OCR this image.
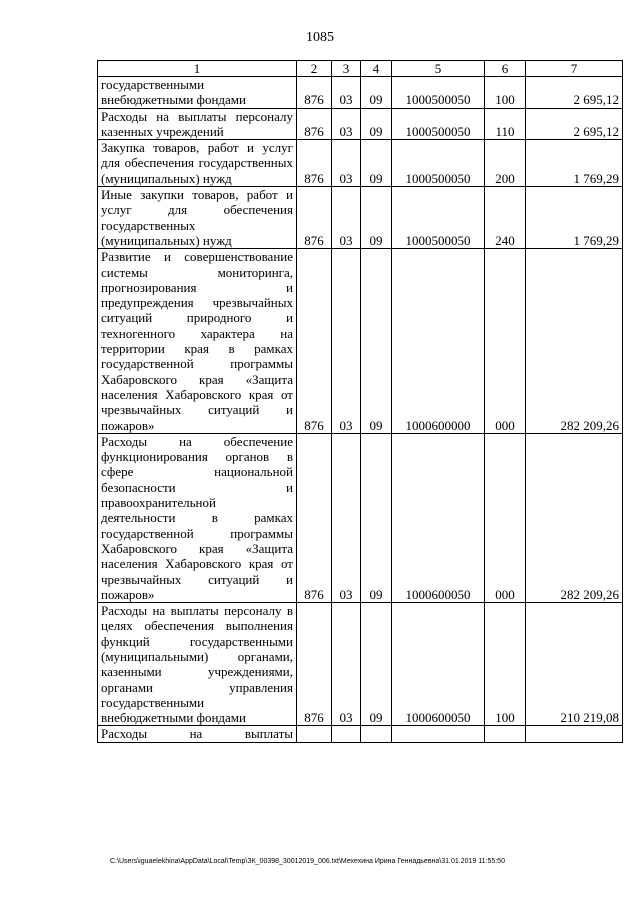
1085
1	2	3	4	5	6	7
государственными внебюджетными фондами	876	03	09	1000500050	100	2 695,12
Расходы на выплаты персоналу казенных учреждений	876	03	09	1000500050	110	2 695,12
Закупка товаров, работ и услуг для обеспечения государственных (муниципальных) нужд	876	03	09	1000500050	200	1 769,29
Иные закупки товаров, работ и услуг для обеспечения государственных (муниципальных) нужд	876	03	09	1000500050	240	1 769,29
Развитие и совершенствование системы мониторинга, прогнозирования и предупреждения чрезвычайных ситуаций природного и техногенного характера на территории края в рамках государственной программы Хабаровского края «Защита населения Хабаровского края от чрезвычайных ситуаций и пожаров»	876	03	09	1000600000	000	282 209,26
Расходы на обеспечение функционирования органов в сфере национальной безопасности и правоохранительной деятельности в рамках государственной программы Хабаровского края «Защита населения Хабаровского края от чрезвычайных ситуаций и пожаров»	876	03	09	1000600050	000	282 209,26
Расходы на выплаты персоналу в целях обеспечения выполнения функций государственными (муниципальными) органами, казенными учреждениями, органами управления государственными внебюджетными фондами	876	03	09	1000600050	100	210 219,08
Расходы на выплаты						
C:\Users\iguaelekhina\AppData\Local\Temp\ЗК_00398_30012019_006.txt\Мехехина Ирина Геннадьевна\31.01.2019 11:55:50
